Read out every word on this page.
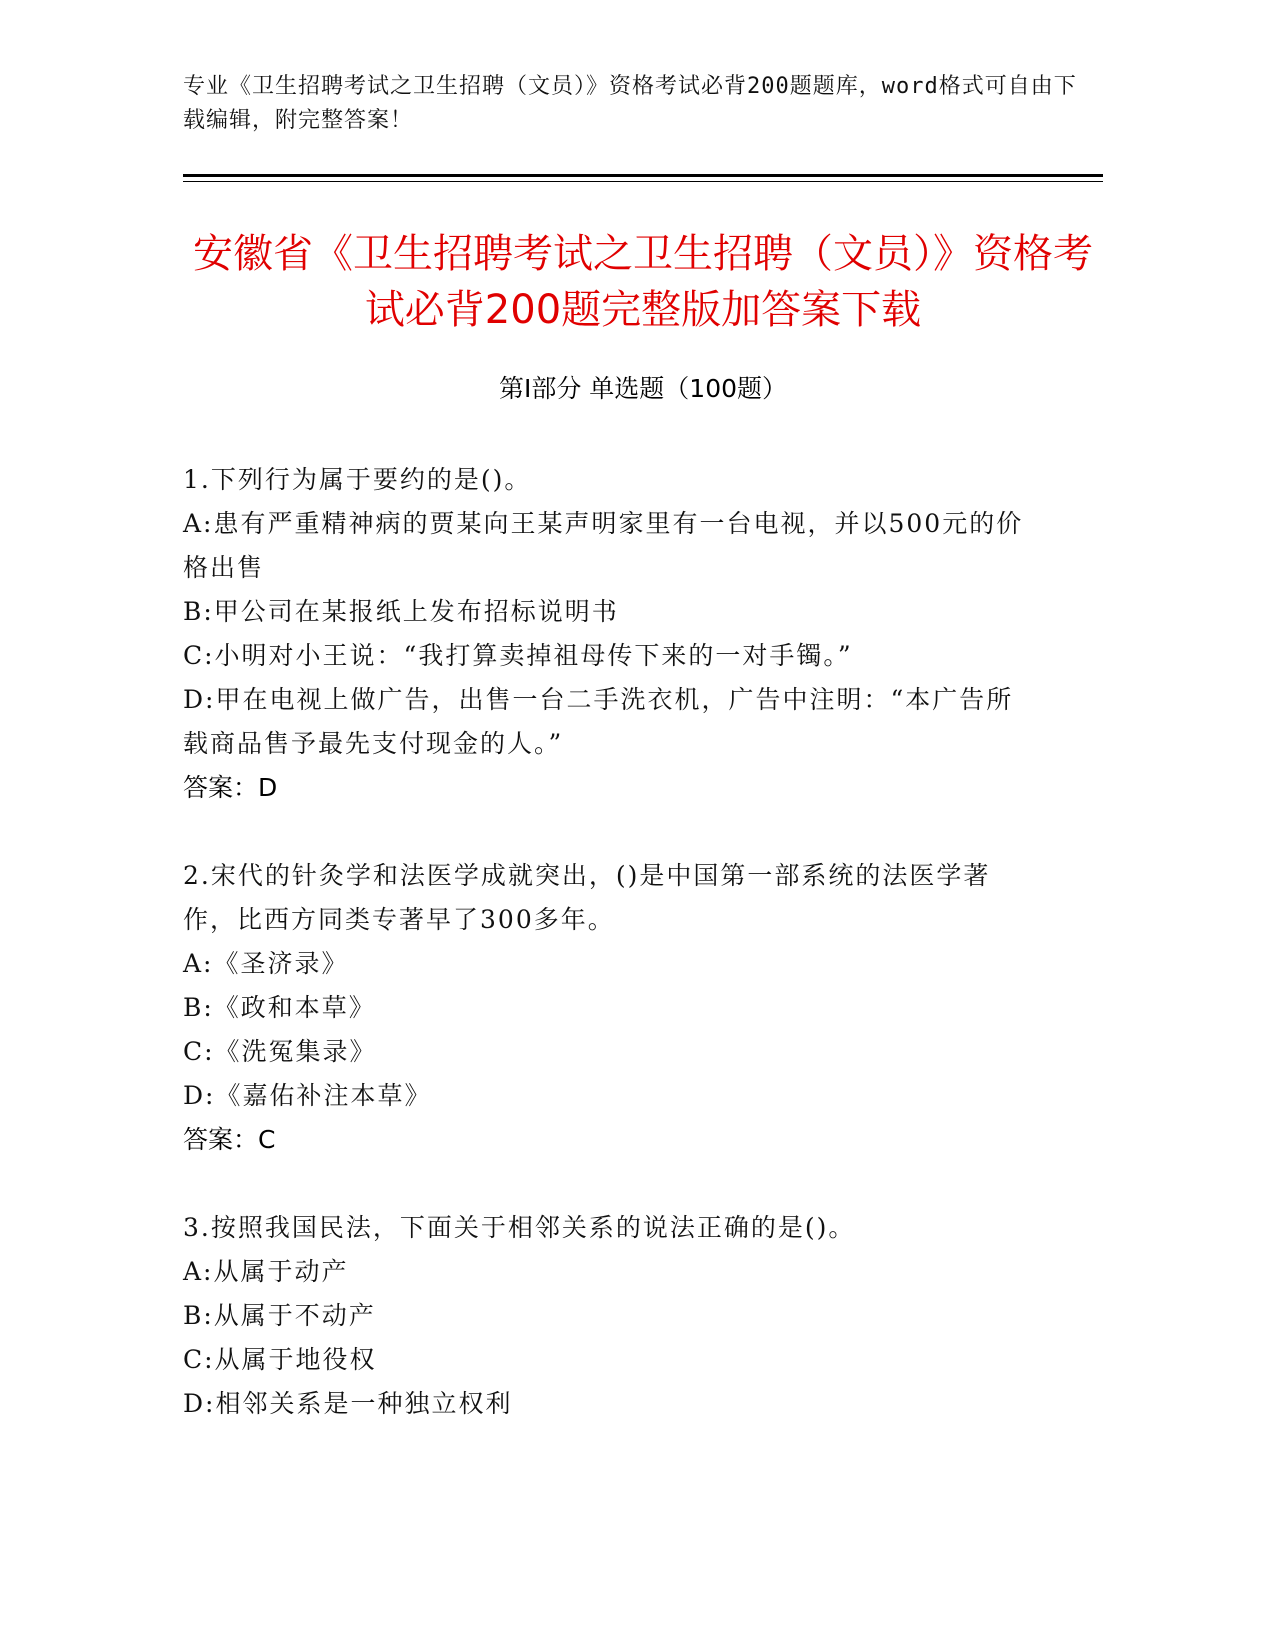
专业《卫生招聘考试之卫生招聘（文员）》资格考试必背200题题库，word格式可自由下载编辑，附完整答案！
安徽省《卫生招聘考试之卫生招聘（文员）》资格考试必背200题完整版加答案下载
第Ⅰ部分 单选题（100题）
1.下列行为属于要约的是()。
A:患有严重精神病的贾某向王某声明家里有一台电视，并以500元的价格出售
B:甲公司在某报纸上发布招标说明书
C:小明对小王说：“我打算卖掉祖母传下来的一对手镯。”
D:甲在电视上做广告，出售一台二手洗衣机，广告中注明：“本广告所载商品售予最先支付现金的人。”
答案：D
2.宋代的针灸学和法医学成就突出，()是中国第一部系统的法医学著作，比西方同类专著早了300多年。
A:《圣济录》
B:《政和本草》
C:《洗冤集录》
D:《嘉佑补注本草》
答案：C
3.按照我国民法，下面关于相邻关系的说法正确的是()。
A:从属于动产
B:从属于不动产
C:从属于地役权
D:相邻关系是一种独立权利
